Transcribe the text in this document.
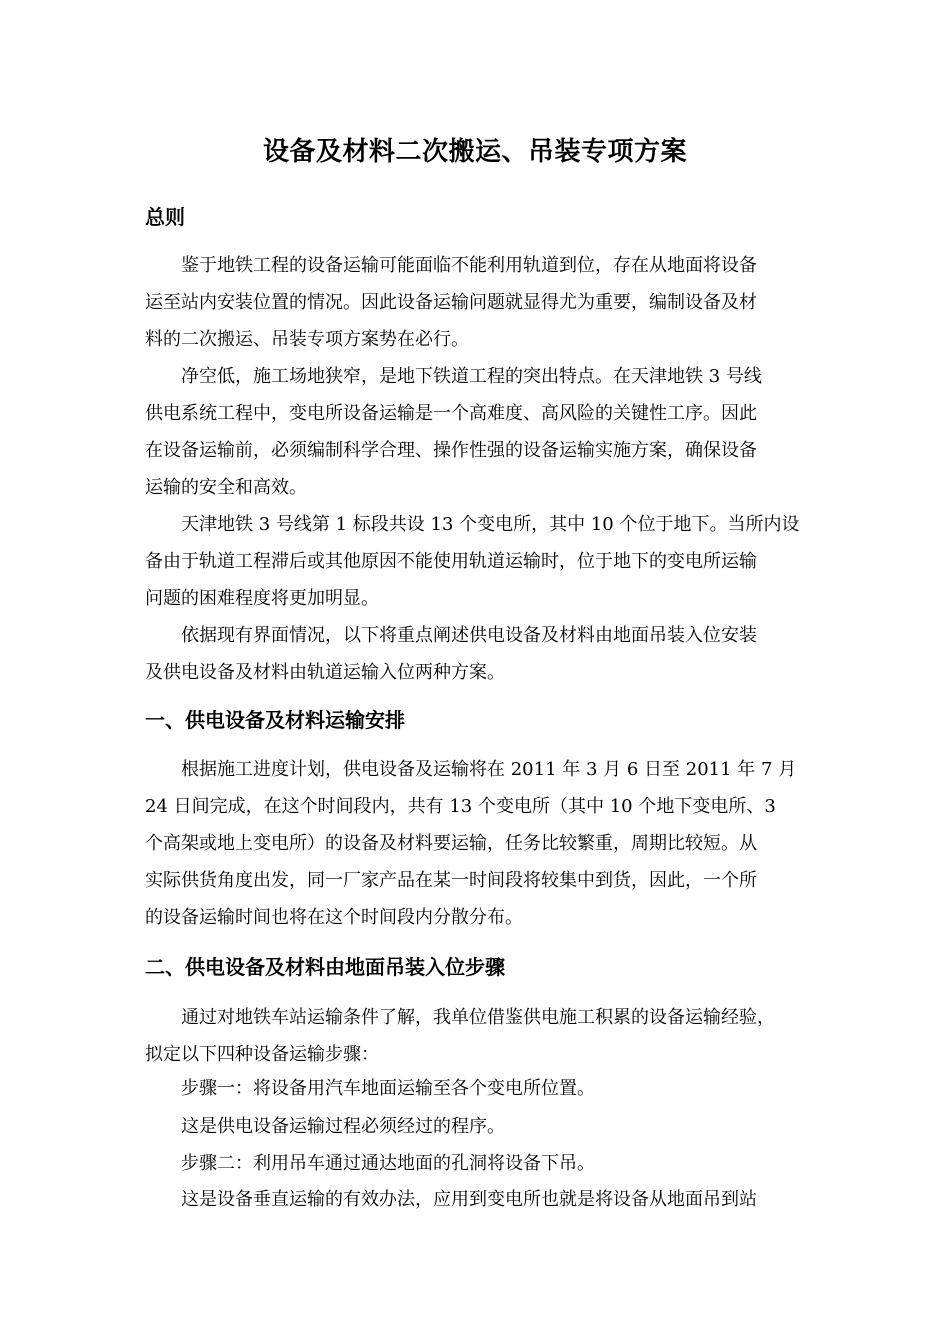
设备及材料二次搬运、吊装专项方案
总则
鉴于地铁工程的设备运输可能面临不能利用轨道到位，存在从地面将设备
运至站内安装位置的情况。因此设备运输问题就显得尤为重要，编制设备及材
料的二次搬运、吊装专项方案势在必行。
净空低，施工场地狭窄，是地下铁道工程的突出特点。在天津地铁 3 号线
供电系统工程中，变电所设备运输是一个高难度、高风险的关键性工序。因此
在设备运输前，必须编制科学合理、操作性强的设备运输实施方案，确保设备
运输的安全和高效。
天津地铁 3 号线第 1 标段共设 13 个变电所，其中 10 个位于地下。当所内设
备由于轨道工程滞后或其他原因不能使用轨道运输时，位于地下的变电所运输
问题的困难程度将更加明显。
依据现有界面情况，以下将重点阐述供电设备及材料由地面吊装入位安装
及供电设备及材料由轨道运输入位两种方案。
一、供电设备及材料运输安排
根据施工进度计划，供电设备及运输将在 2011 年 3 月 6 日至 2011 年 7 月
24 日间完成，在这个时间段内，共有 13 个变电所（其中 10 个地下变电所、3
个高架或地上变电所）的设备及材料要运输，任务比较繁重，周期比较短。从
实际供货角度出发，同一厂家产品在某一时间段将较集中到货，因此，一个所
的设备运输时间也将在这个时间段内分散分布。
二、供电设备及材料由地面吊装入位步骤
通过对地铁车站运输条件了解，我单位借鉴供电施工积累的设备运输经验，
拟定以下四种设备运输步骤：
步骤一：将设备用汽车地面运输至各个变电所位置。
这是供电设备运输过程必须经过的程序。
步骤二：利用吊车通过通达地面的孔洞将设备下吊。
这是设备垂直运输的有效办法，应用到变电所也就是将设备从地面吊到站
